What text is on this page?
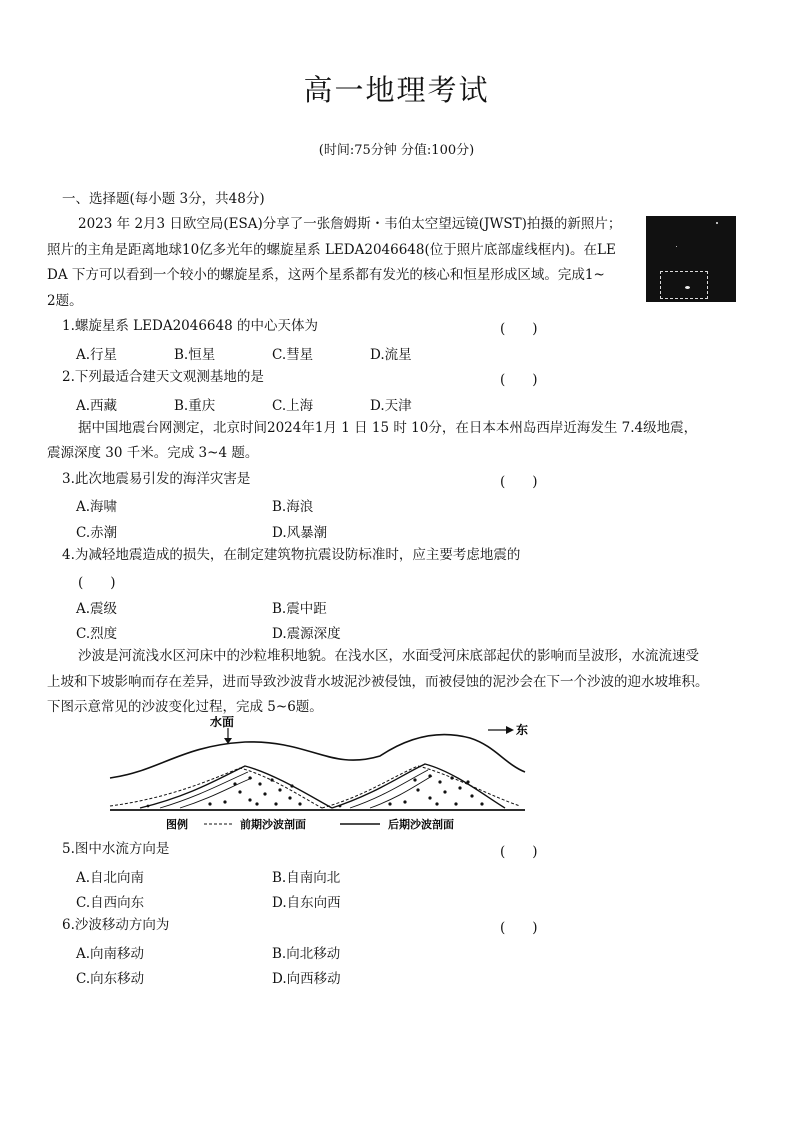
高一地理考试
(时间:75分钟 分值:100分)
一、选择题(每小题 3分，共48分)
2023 年 2月3 日欧空局(ESA)分享了一张詹姆斯・韦伯太空望远镜(JWST)拍摄的新照片；
照片的主角是距离地球10亿多光年的螺旋星系 LEDA2046648(位于照片底部虚线框内)。在LE
DA 下方可以看到一个较小的螺旋星系，这两个星系都有发光的核心和恒星形成区域。完成1~
2题。
1.螺旋星系 LEDA2046648 的中心天体为	(　　)
A.行星	B.恒星	C.彗星	D.流星
2.下列最适合建天文观测基地的是	(　　)
A.西藏	B.重庆	C.上海	D.天津
据中国地震台网测定，北京时间2024年1月 1 日 15 时 10分，在日本本州岛西岸近海发生 7.4级地震，
震源深度 30 千米。完成 3~4 题。
3.此次地震易引发的海洋灾害是	(　　)
A.海啸	B.海浪
C.赤潮	D.风暴潮
4.为减轻地震造成的损失，在制定建筑物抗震设防标准时，应主要考虑地震的
(　　)
A.震级	B.震中距
C.烈度	D.震源深度
沙波是河流浅水区河床中的沙粒堆积地貌。在浅水区，水面受河床底部起伏的影响而呈波形，水流流速受
上坡和下坡影响而存在差异，进而导致沙波背水坡泥沙被侵蚀，而被侵蚀的泥沙会在下一个沙波的迎水坡堆积。
下图示意常见的沙波变化过程，完成 5~6题。
水面
东
图例	前期沙波剖面	后期沙波剖面
5.图中水流方向是	(　　)
A.自北向南	B.自南向北
C.自西向东	D.自东向西
6.沙波移动方向为	(　　)
A.向南移动	B.向北移动
C.向东移动	D.向西移动
